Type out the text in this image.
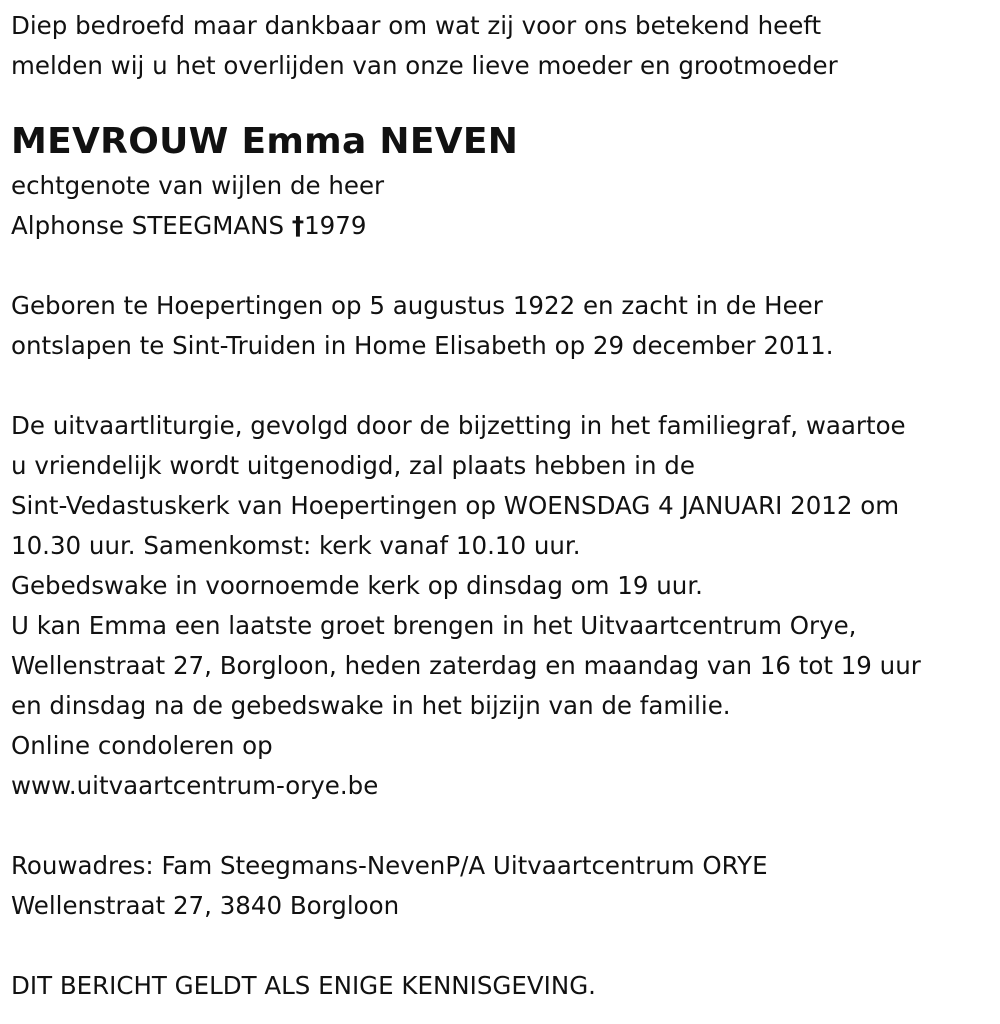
Diep bedroefd maar dankbaar om wat zij voor ons betekend heeft
melden wij u het overlijden van onze lieve moeder en grootmoeder
MEVROUW Emma NEVEN
echtgenote van wijlen de heer
Alphonse STEEGMANS †1979
Geboren te Hoepertingen op 5 augustus 1922 en zacht in de Heer
ontslapen te Sint-Truiden in Home Elisabeth op 29 december 2011.
De uitvaartliturgie, gevolgd door de bijzetting in het familiegraf, waartoe
u vriendelijk wordt uitgenodigd, zal plaats hebben in de
Sint-Vedastuskerk van Hoepertingen op WOENSDAG 4 JANUARI 2012 om
10.30 uur. Samenkomst: kerk vanaf 10.10 uur.
Gebedswake in voornoemde kerk op dinsdag om 19 uur.
U kan Emma een laatste groet brengen in het Uitvaartcentrum Orye,
Wellenstraat 27, Borgloon, heden zaterdag en maandag van 16 tot 19 uur
en dinsdag na de gebedswake in het bijzijn van de familie.
Online condoleren op
www.uitvaartcentrum-orye.be
Rouwadres: Fam Steegmans-NevenP/A Uitvaartcentrum ORYE
Wellenstraat 27, 3840 Borgloon
DIT BERICHT GELDT ALS ENIGE KENNISGEVING.
